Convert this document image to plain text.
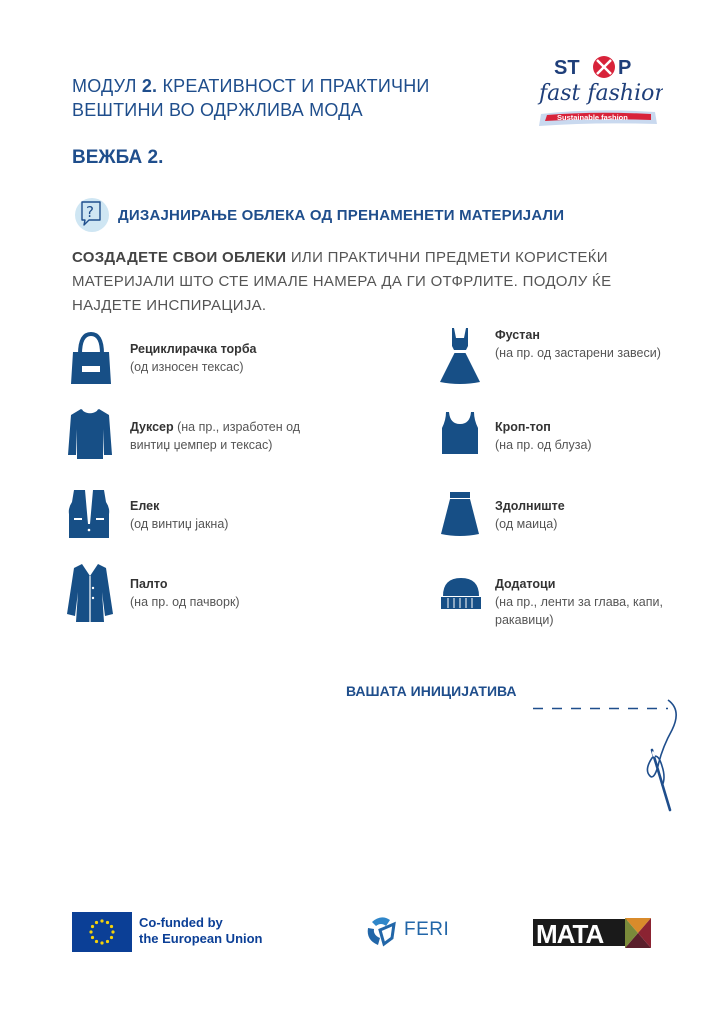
МОДУЛ 2. КРЕАТИВНОСТ И ПРАКТИЧНИ ВЕШТИНИ ВО ОДРЖЛИВА МОДА
ST P
fast fashion
Sustainable fashion
ВЕЖБА 2.
? ДИЗАЈНИРАЊЕ ОБЛЕКА ОД ПРЕНАМЕНЕТИ МАТЕРИЈАЛИ
СОЗДАДЕТЕ СВОИ ОБЛЕКИ ИЛИ ПРАКТИЧНИ ПРЕДМЕТИ КОРИСТЕЌИ МАТЕРИЈАЛИ ШТО СТЕ ИМАЛЕ НАМЕРА ДА ГИ ОТФРЛИТЕ. ПОДОЛУ ЌЕ НАЈДЕТЕ ИНСПИРАЦИЈА.
Рециклирачка торба
(од износен тексас)
Дуксер (на пр., изработен од винтиџ џемпер и тексас)
Елек
(од винтиџ јакна)
Палто
(на пр. од пачворк)
Фустан
(на пр. од застарени завеси)
Кроп-топ
(на пр. од блуза)
Здолниште
(од маица)
Додатоци
(на пр., ленти за глава, капи, ракавици)
ВАШАТА ИНИЦИЈАТИВА
Co-funded by
the European Union	FERI	MATA
